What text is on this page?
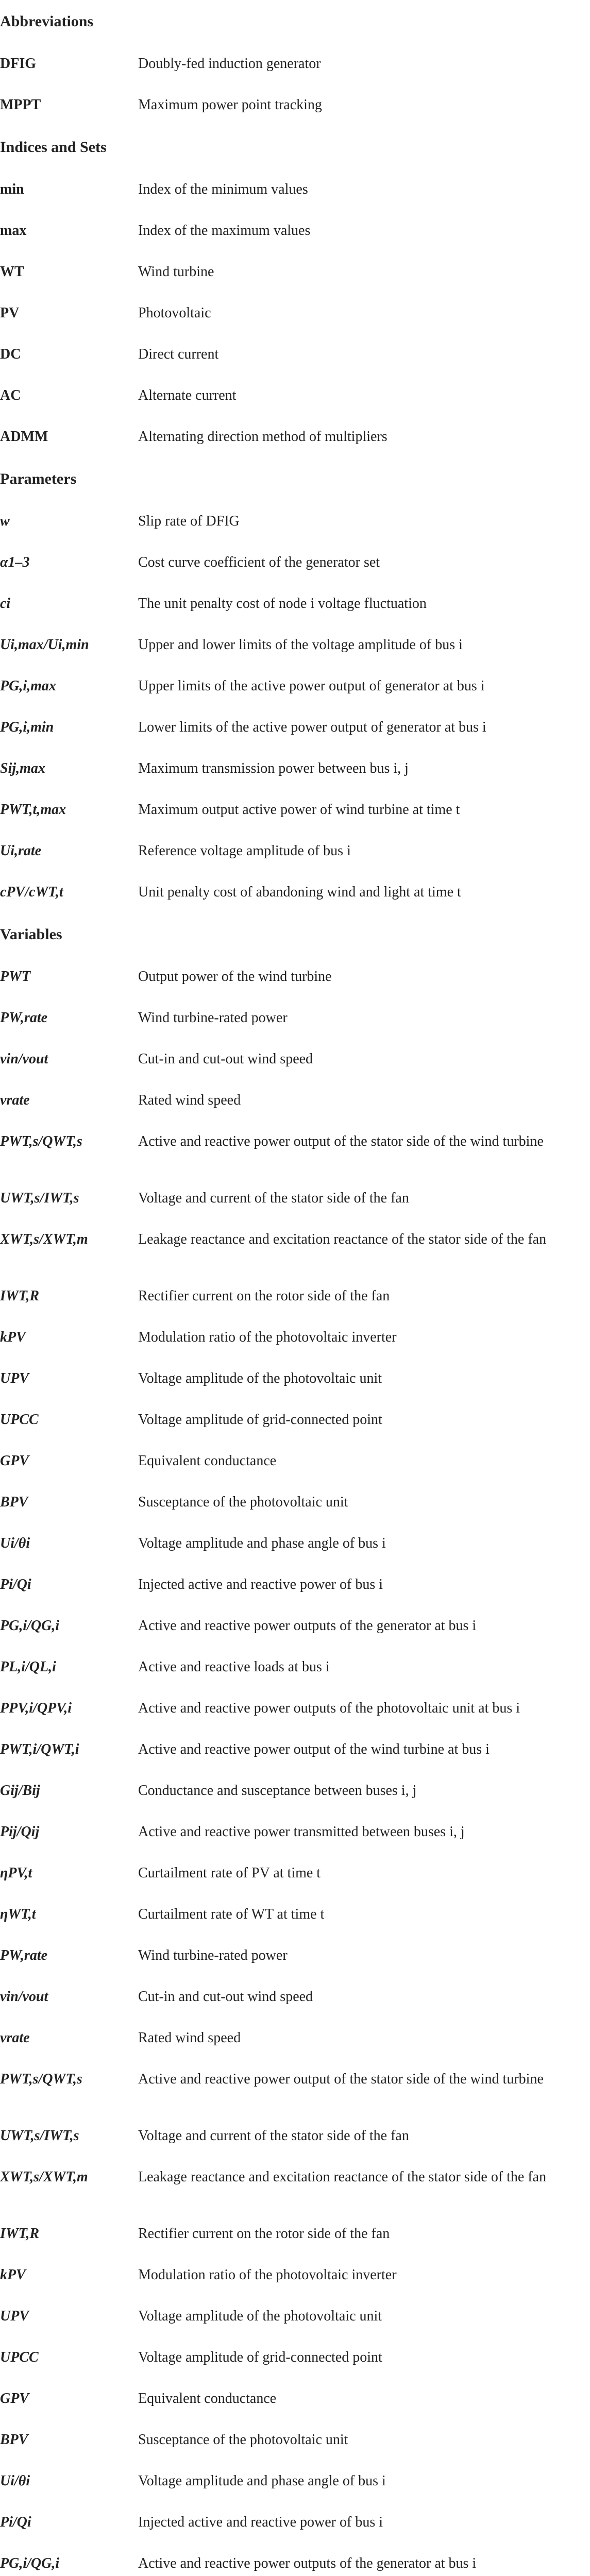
Abbreviations
DFIG	Doubly-fed induction generator
MPPT	Maximum power point tracking
Indices and Sets
min	Index of the minimum values
max	Index of the maximum values
WT	Wind turbine
PV	Photovoltaic
DC	Direct current
AC	Alternate current
ADMM	Alternating direction method of multipliers
Parameters
w	Slip rate of DFIG
α1–3	Cost curve coefficient of the generator set
ci	The unit penalty cost of node i voltage fluctuation
Ui,max/Ui,min	Upper and lower limits of the voltage amplitude of bus i
PG,i,max	Upper limits of the active power output of generator at bus i
PG,i,min	Lower limits of the active power output of generator at bus i
Sij,max	Maximum transmission power between bus i, j
PWT,t,max	Maximum output active power of wind turbine at time t
Ui,rate	Reference voltage amplitude of bus i
cPV/cWT,t	Unit penalty cost of abandoning wind and light at time t
Variables
PWT	Output power of the wind turbine
PW,rate	Wind turbine-rated power
vin/vout	Cut-in and cut-out wind speed
vrate	Rated wind speed
PWT,s/QWT,s	Active and reactive power output of the stator side of the wind turbine
UWT,s/IWT,s	Voltage and current of the stator side of the fan
XWT,s/XWT,m	Leakage reactance and excitation reactance of the stator side of the fan
IWT,R	Rectifier current on the rotor side of the fan
kPV	Modulation ratio of the photovoltaic inverter
UPV	Voltage amplitude of the photovoltaic unit
UPCC	Voltage amplitude of grid-connected point
GPV	Equivalent conductance
BPV	Susceptance of the photovoltaic unit
Ui/θi	Voltage amplitude and phase angle of bus i
Pi/Qi	Injected active and reactive power of bus i
PG,i/QG,i	Active and reactive power outputs of the generator at bus i
PL,i/QL,i	Active and reactive loads at bus i
PPV,i/QPV,i	Active and reactive power outputs of the photovoltaic unit at bus i
PWT,i/QWT,i	Active and reactive power output of the wind turbine at bus i
Gij/Bij	Conductance and susceptance between buses i, j
Pij/Qij	Active and reactive power transmitted between buses i, j
ηPV,t	Curtailment rate of PV at time t
ηWT,t	Curtailment rate of WT at time t
PW,rate	Wind turbine-rated power
vin/vout	Cut-in and cut-out wind speed
vrate	Rated wind speed
PWT,s/QWT,s	Active and reactive power output of the stator side of the wind turbine
UWT,s/IWT,s	Voltage and current of the stator side of the fan
XWT,s/XWT,m	Leakage reactance and excitation reactance of the stator side of the fan
IWT,R	Rectifier current on the rotor side of the fan
kPV	Modulation ratio of the photovoltaic inverter
UPV	Voltage amplitude of the photovoltaic unit
UPCC	Voltage amplitude of grid-connected point
GPV	Equivalent conductance
BPV	Susceptance of the photovoltaic unit
Ui/θi	Voltage amplitude and phase angle of bus i
Pi/Qi	Injected active and reactive power of bus i
PG,i/QG,i	Active and reactive power outputs of the generator at bus i
